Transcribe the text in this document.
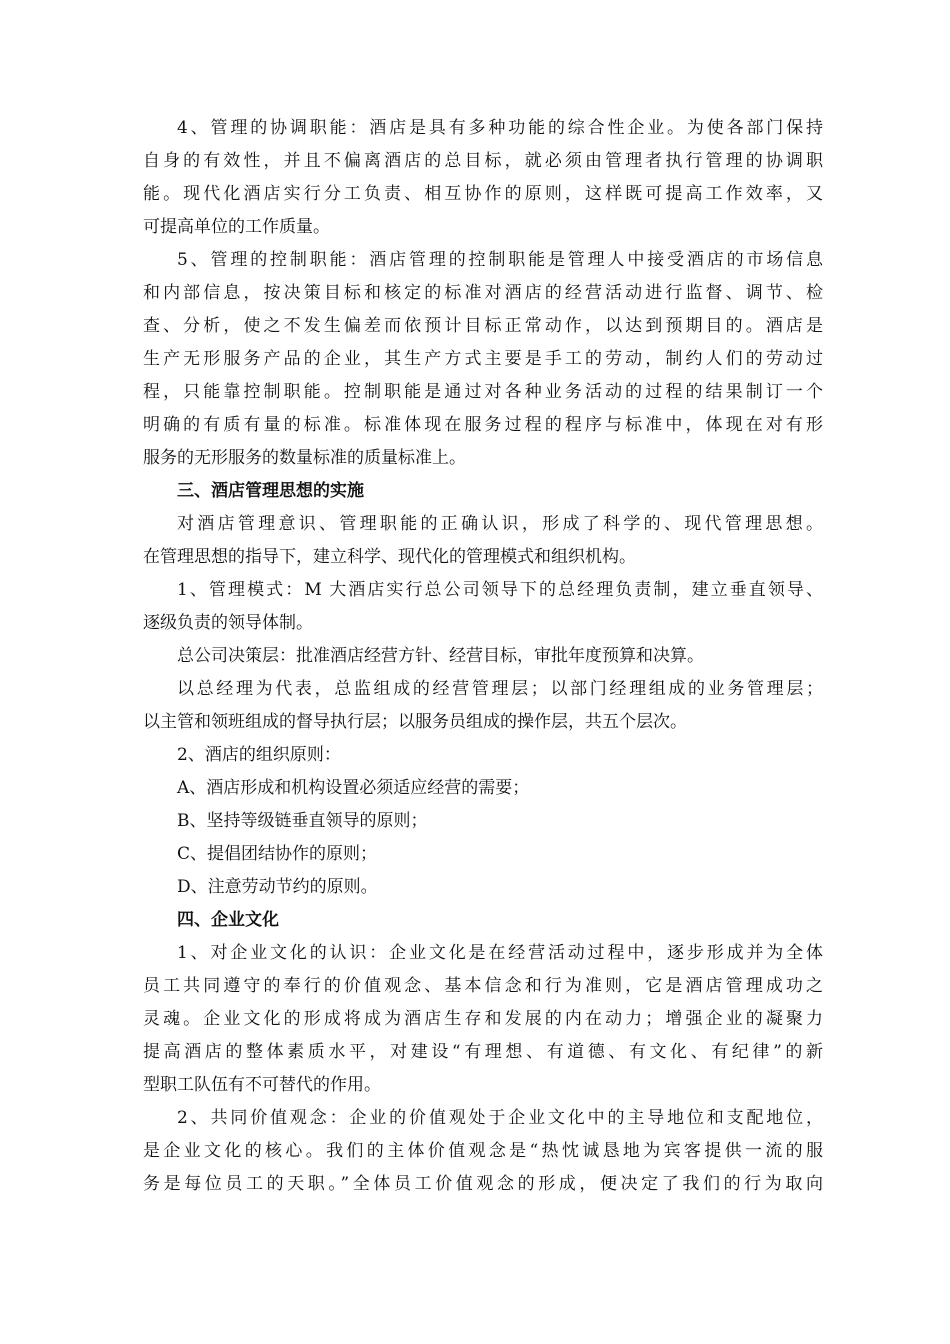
4、管理的协调职能：酒店是具有多种功能的综合性企业。为使各部门保持
自身的有效性，并且不偏离酒店的总目标，就必须由管理者执行管理的协调职
能。现代化酒店实行分工负责、相互协作的原则，这样既可提高工作效率，又
可提高单位的工作质量。
5、管理的控制职能：酒店管理的控制职能是管理人中接受酒店的市场信息
和内部信息，按决策目标和核定的标准对酒店的经营活动进行监督、调节、检
查、分析，使之不发生偏差而依预计目标正常动作，以达到预期目的。酒店是
生产无形服务产品的企业，其生产方式主要是手工的劳动，制约人们的劳动过
程，只能靠控制职能。控制职能是通过对各种业务活动的过程的结果制订一个
明确的有质有量的标准。标准体现在服务过程的程序与标准中，体现在对有形
服务的无形服务的数量标准的质量标准上。
三、酒店管理思想的实施
对酒店管理意识、管理职能的正确认识，形成了科学的、现代管理思想。
在管理思想的指导下，建立科学、现代化的管理模式和组织机构。
1、管理模式：M 大酒店实行总公司领导下的总经理负责制，建立垂直领导、
逐级负责的领导体制。
总公司决策层：批准酒店经营方针、经营目标，审批年度预算和决算。
以总经理为代表，总监组成的经营管理层；以部门经理组成的业务管理层；
以主管和领班组成的督导执行层；以服务员组成的操作层，共五个层次。
2、酒店的组织原则：
A、酒店形成和机构设置必须适应经营的需要；
B、坚持等级链垂直领导的原则；
C、提倡团结协作的原则；
D、注意劳动节约的原则。
四、企业文化
1、对企业文化的认识：企业文化是在经营活动过程中，逐步形成并为全体
员工共同遵守的奉行的价值观念、基本信念和行为准则，它是酒店管理成功之
灵魂。企业文化的形成将成为酒店生存和发展的内在动力；增强企业的凝聚力
提高酒店的整体素质水平，对建设“有理想、有道德、有文化、有纪律”的新
型职工队伍有不可替代的作用。
2、共同价值观念：企业的价值观处于企业文化中的主导地位和支配地位，
是企业文化的核心。我们的主体价值观念是“热忱诚恳地为宾客提供一流的服
务是每位员工的天职。”全体员工价值观念的形成，便决定了我们的行为取向
